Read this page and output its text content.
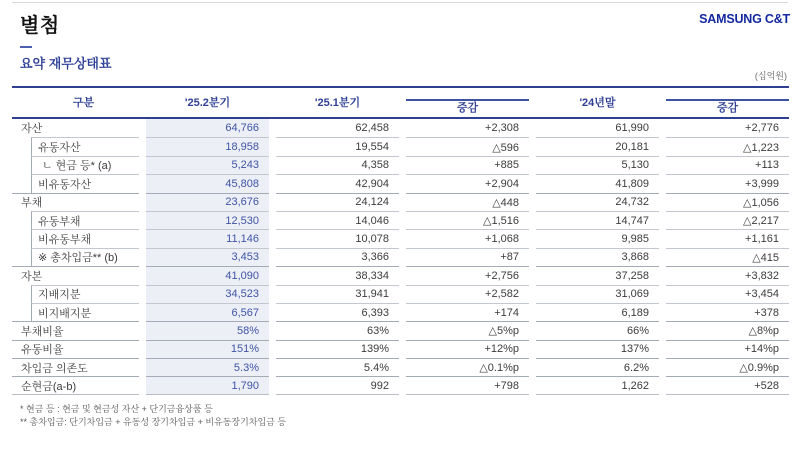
별첨	SAMSUNG C&T
요약 재무상태표
(십억원)
구분	'25.2분기	'25.1분기	증감	'24년말	증감
자산	64,766	62,458	+2,308	61,990	+2,776
유동자산	18,958	19,554	△596	20,181	△1,223
ㄴ 현금 등* (a)	5,243	4,358	+885	5,130	+113
비유동자산	45,808	42,904	+2,904	41,809	+3,999
부채	23,676	24,124	△448	24,732	△1,056
유동부채	12,530	14,046	△1,516	14,747	△2,217
비유동부채	11,146	10,078	+1,068	9,985	+1,161
※ 총차입금** (b)	3,453	3,366	+87	3,868	△415
자본	41,090	38,334	+2,756	37,258	+3,832
지배지분	34,523	31,941	+2,582	31,069	+3,454
비지배지분	6,567	6,393	+174	6,189	+378
부채비율	58%	63%	△5%p	66%	△8%p
유동비율	151%	139%	+12%p	137%	+14%p
차입금 의존도	5.3%	5.4%	△0.1%p	6.2%	△0.9%p
순현금(a-b)	1,790	992	+798	1,262	+528
* 현금 등 : 현금 및 현금성 자산 + 단기금융상품 등
** 총차입금: 단기차입금 + 유동성 장기차입금 + 비유동장기차입금 등
